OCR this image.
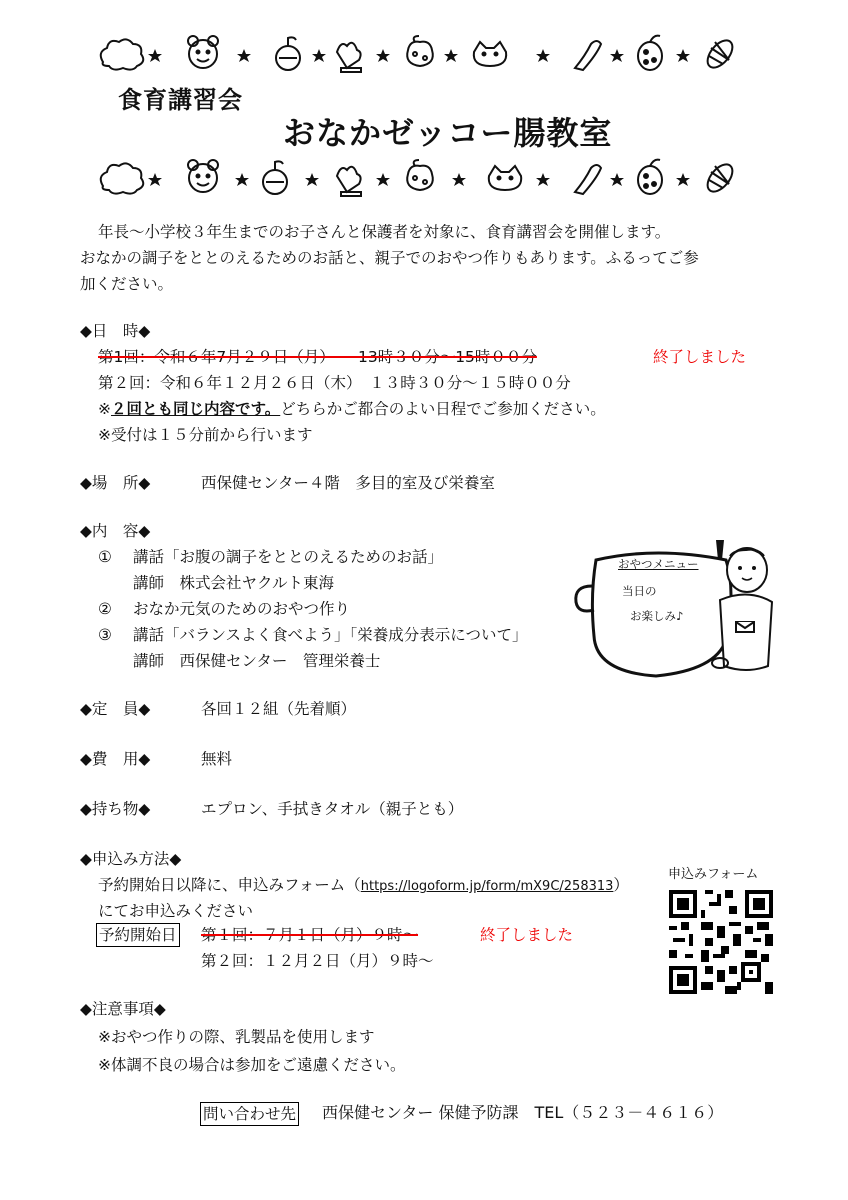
食育講習会
おなかゼッコー腸教室
年長～小学校３年生までのお子さんと保護者を対象に、食育講習会を開催します。
おなかの調子をととのえるためのお話と、親子でのおやつ作りもあります。ふるってご参
加ください。
◆日　時◆
第1回：令和６年7月２９日（月）　　13時３０分～15時００分	終了しました
第２回：令和６年１２月２６日（木）　１３時３０分～１５時００分
※２回とも同じ内容です。どちらかご都合のよい日程でご参加ください。
※受付は１５分前から行います
◆場　所◆	西保健センター４階　多目的室及び栄養室
◆内　容◆
① 講話「お腹の調子をととのえるためのお話」
講師　株式会社ヤクルト東海
② おなか元気のためのおやつ作り
③ 講話「バランスよく食べよう」「栄養成分表示について」
講師　西保健センター　管理栄養士
おやつメニュー
当日の
お楽しみ♪
◆定　員◆	各回１２組（先着順）
◆費　用◆	無料
◆持ち物◆	エプロン、手拭きタオル（親子とも）
◆申込み方法◆
予約開始日以降に、申込みフォーム（https://logoform.jp/form/mX9C/258313）
にてお申込みください
予約開始日 第１回：７月１日（月）９時～	終了しました
第２回：１２月２日（月）９時～
申込みフォーム
◆注意事項◆
※おやつ作りの際、乳製品を使用します
※体調不良の場合は参加をご遠慮ください。
問い合わせ先 西保健センター 保健予防課　TEL（５２３－４６１６）
